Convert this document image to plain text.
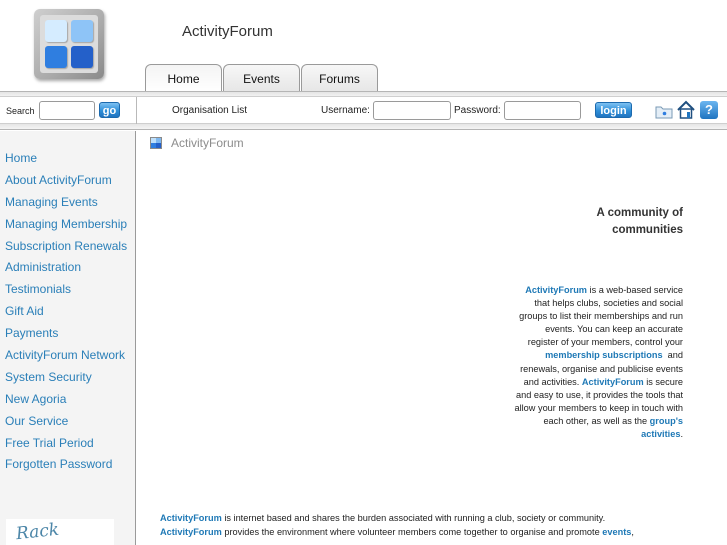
ActivityForum
Home	Events	Forums
Search	go	Organisation List	Username:	Password:	login	?
Home
About ActivityForum
Managing Events
Managing Membership
Subscription Renewals
Administration
Testimonials
Gift Aid
Payments
ActivityForum Network
System Security
New Agoria
Our Service
Free Trial Period
Forgotten Password
Rack
ActivityForum
A community of
communities
ActivityForum is a web-based service that helps clubs, societies and social groups to list their memberships and run events. You can keep an accurate register of your members, control your membership subscriptions  and renewals, organise and publicise events and activities. ActivityForum is secure and easy to use, it provides the tools that allow your members to keep in touch with each other, as well as the group's activities.
ActivityForum is internet based and shares the burden associated with running a club, society or community.
ActivityForum provides the environment where volunteer members come together to organise and promote events,
